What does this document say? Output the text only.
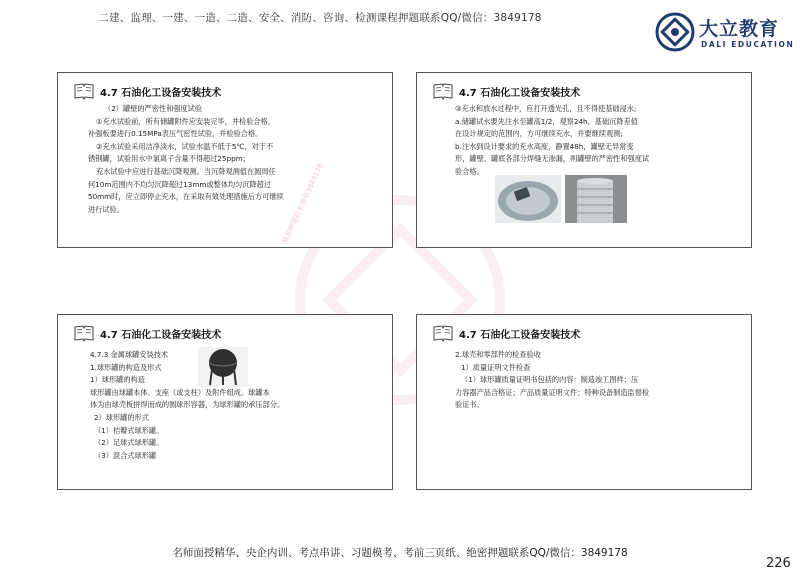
二建、监理、一建、一造、二造、安全、消防、咨询、检测课程押题联系QQ/微信：3849178	大立教育
DALI EDUCATION
4.7 石油化工设备安装技术

（2）罐壁的严密性和强度试验

①充水试验前，所有储罐附件应安装完毕，并检验合格，

补强板要进行0.15MPa表压气密性试验，并检验合格。

②充水试验采用洁净淡水，试验水温不低于5℃，对于不

锈钢罐，试验用水中氯离子含量不得超过25ppm；

充水试验中应进行基础沉降观测。当沉降观测值在圆周任

何10m范围内不均匀沉降超过13mm或整体均匀沉降超过

50mm时，应立即停止充水，在采取有效处理措施后方可继续

进行试验。	精准押题联系微信3849178
4.7 石油化工设备安装技术

③充水和放水过程中，应打开透光孔，且不得使基础浸水;

a.储罐试水要先注水至罐高1/2，观察24h，基础沉降差值

在设计规定的范围内，方可继续充水，并要继续观测;

b.注水到设计要求的充水高度，静置48h，罐壁无异常变

形，罐壁、罐底各部分焊缝无渗漏，则罐壁的严密性和强度试

验合格。

4.7 石油化工设备安装技术

4.7.3 金属球罐安装技术

1.球形罐的构造及形式

1）球形罐的构造

球形罐由球罐本体、支座（或支柱）及附件组成。球罐本

体为由球壳板拼焊而成的圆球形容器，为球形罐的承压部分。

2）球形罐的形式

（1）桔瓣式球形罐。

（2）足球式球形罐。

（3）混合式球形罐

4.7 石油化工设备安装技术

2.球壳和零部件的检查验收

1）质量证明文件检查

（1）球形罐质量证明书包括的内容：制造竣工图样；压

力容器产品合格证；产品质量证明文件；特种设备制造监督检

验证书。

名师面授精华、央企内训、考点串讲、习题模考、考前三页纸、绝密押题联系QQ/微信：3849178
226
